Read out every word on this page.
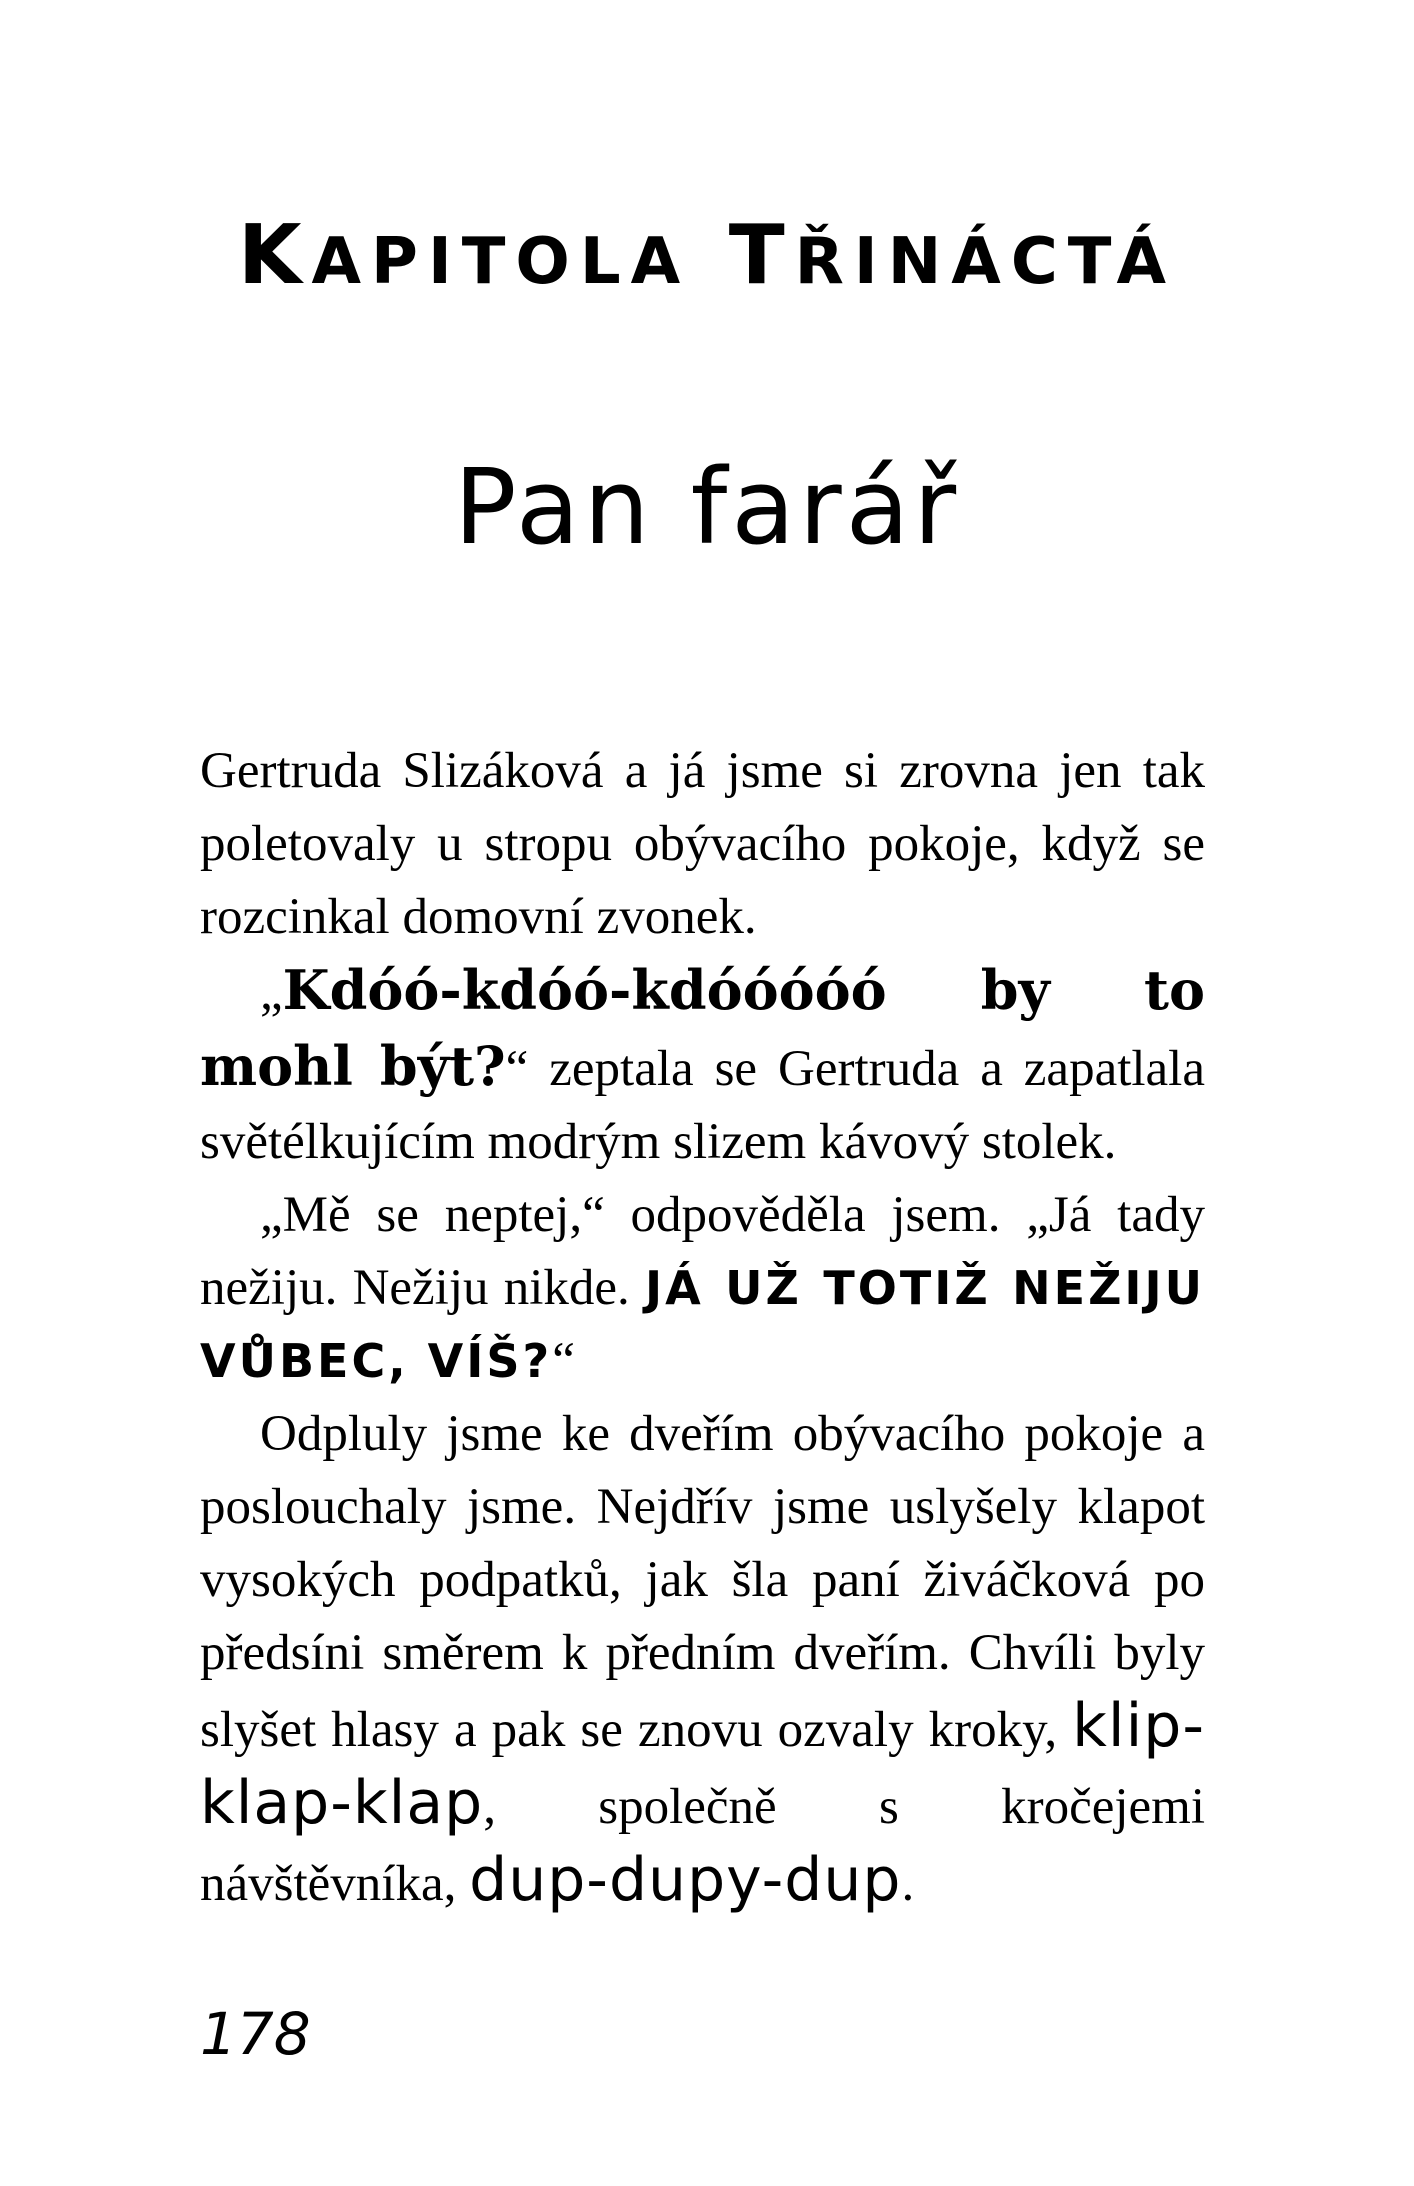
KAPITOLA TŘINÁCTÁ
Pan farář

Gertruda Slizáková a já jsme si zrovna jen tak poletovaly u stropu obývacího pokoje, když se rozcinkal domovní zvonek.

„Kdóó-kdóó-kdóóóóó by to mohl být?“ zeptala se Gertruda a zapatlala světélkujícím modrým slizem kávový stolek.

„Mě se neptej,“ odpověděla jsem. „Já tady nežiju. Nežiju nikde. JÁ UŽ TOTIŽ NEŽIJU VŮBEC, VÍŠ?“

Odpluly jsme ke dveřím obývacího pokoje a poslouchaly jsme. Nejdřív jsme uslyšely klapot vysokých podpatků, jak šla paní živáčková po předsíni směrem k předním dveřím. Chvíli byly slyšet hlasy a pak se znovu ozvaly kroky, klip-klap-klap, společně s kročejemi návštěvníka, dup-dupy-dup.

178
